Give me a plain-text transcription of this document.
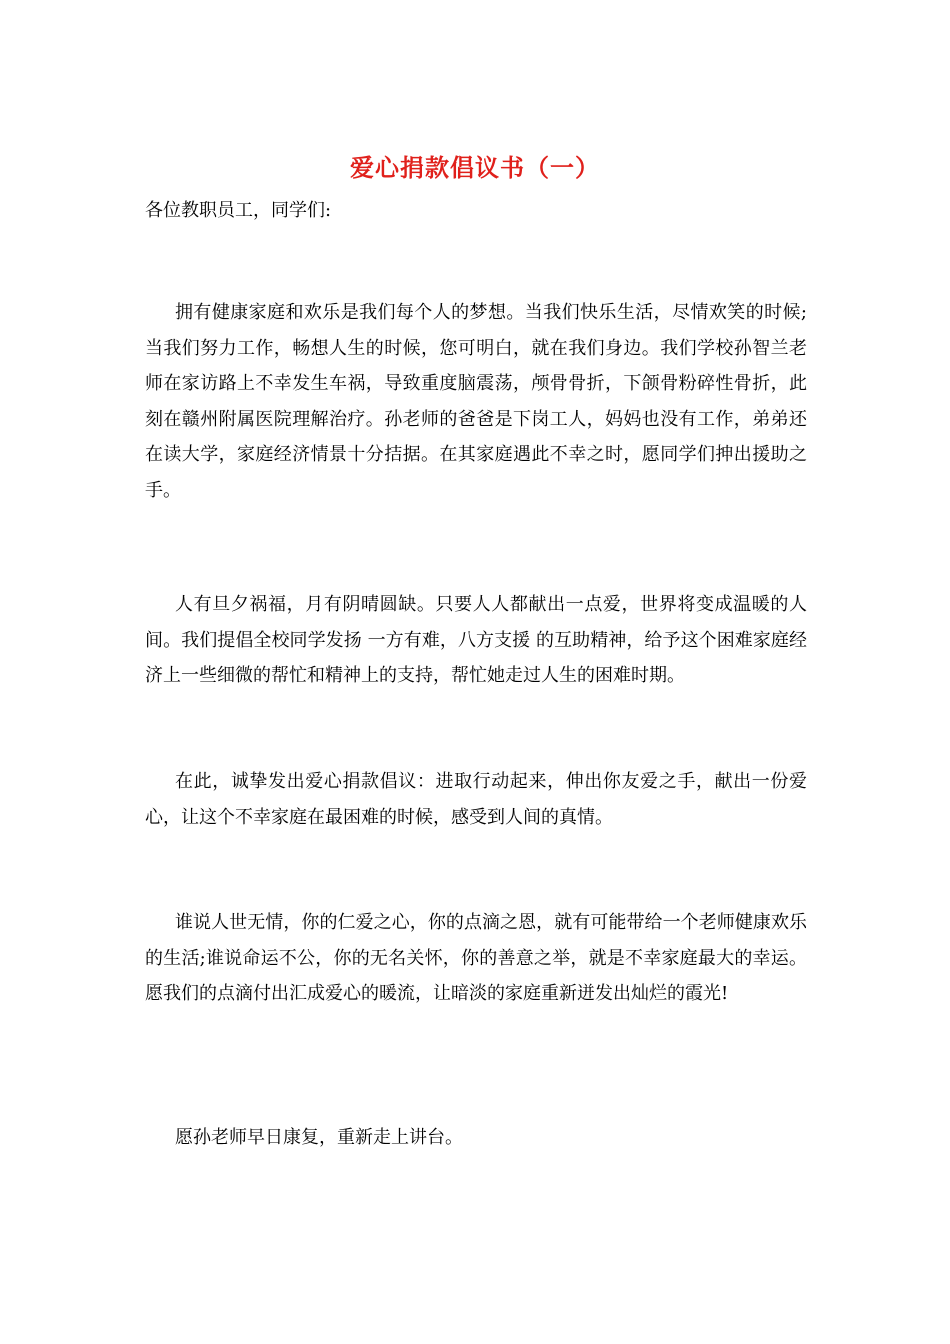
爱心捐款倡议书（一）
各位教职员工，同学们:

拥有健康家庭和欢乐是我们每个人的梦想。当我们快乐生活，尽情欢笑的时候;当我们努力工作，畅想人生的时候，您可明白，就在我们身边。我们学校孙智兰老师在家访路上不幸发生车祸，导致重度脑震荡，颅骨骨折，下颌骨粉碎性骨折，此刻在赣州附属医院理解治疗。孙老师的爸爸是下岗工人，妈妈也没有工作，弟弟还在读大学，家庭经济情景十分拮据。在其家庭遇此不幸之时，愿同学们抻出援助之手。

人有旦夕祸福，月有阴晴圆缺。只要人人都献出一点爱，世界将变成温暖的人间。我们提倡全校同学发扬 一方有难，八方支援 的互助精神，给予这个困难家庭经济上一些细微的帮忙和精神上的支持，帮忙她走过人生的困难时期。

在此，诚挚发出爱心捐款倡议：进取行动起来，伸出你友爱之手，献出一份爱心，让这个不幸家庭在最困难的时候，感受到人间的真情。

谁说人世无情，你的仁爱之心，你的点滴之恩，就有可能带给一个老师健康欢乐的生活;谁说命运不公，你的无名关怀，你的善意之举，就是不幸家庭最大的幸运。愿我们的点滴付出汇成爱心的暖流，让暗淡的家庭重新迸发出灿烂的霞光!

愿孙老师早日康复，重新走上讲台。
